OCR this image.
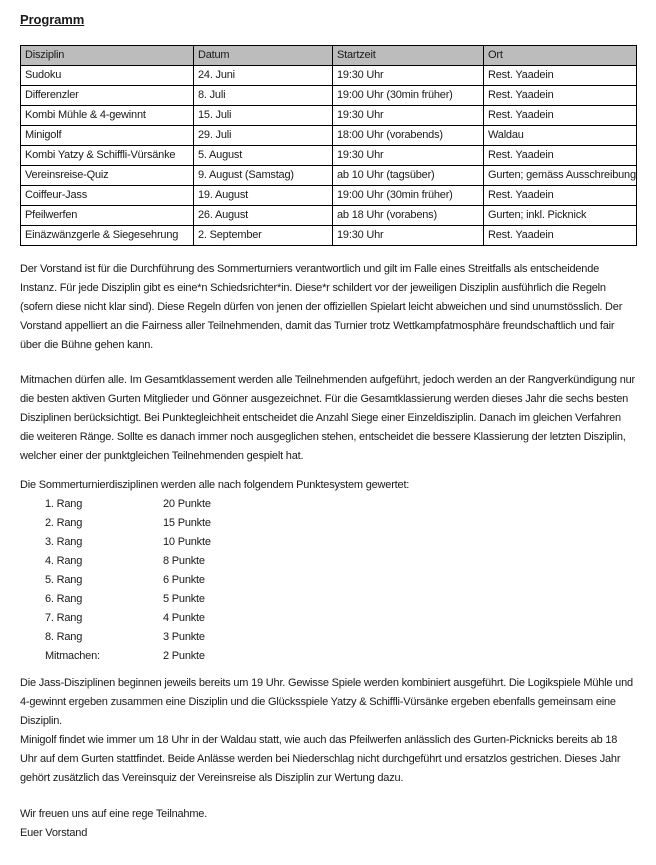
Programm
Disziplin	Datum	Startzeit	Ort
Sudoku	24. Juni	19:30 Uhr	Rest. Yaadein
Differenzler	8. Juli	19:00 Uhr (30min früher)	Rest. Yaadein
Kombi Mühle & 4-gewinnt	15. Juli	19:30 Uhr	Rest. Yaadein
Minigolf	29. Juli	18:00 Uhr (vorabends)	Waldau
Kombi Yatzy & Schiffli-Vürsänke	5. August	19:30 Uhr	Rest. Yaadein
Vereinsreise-Quiz	9. August (Samstag)	ab 10 Uhr (tagsüber)	Gurten; gemäss Ausschreibung
Coiffeur-Jass	19. August	19:00 Uhr (30min früher)	Rest. Yaadein
Pfeilwerfen	26. August	ab 18 Uhr (vorabens)	Gurten; inkl. Picknick
Einäzwänzgerle & Siegesehrung	2. September	19:30 Uhr	Rest. Yaadein

Der Vorstand ist für die Durchführung des Sommerturniers verantwortlich und gilt im Falle eines Streitfalls als entscheidende Instanz. Für jede Disziplin gibt es eine*n Schiedsrichter*in. Diese*r schildert vor der jeweiligen Disziplin ausführlich die Regeln (sofern diese nicht klar sind). Diese Regeln dürfen von jenen der offiziellen Spielart leicht abweichen und sind unumstösslich. Der Vorstand appelliert an die Fairness aller Teilnehmenden, damit das Turnier trotz Wettkampfatmosphäre freundschaftlich und fair über die Bühne gehen kann.

Mitmachen dürfen alle. Im Gesamtklassement werden alle Teilnehmenden aufgeführt, jedoch werden an der Rangverkündigung nur die besten aktiven Gurten Mitglieder und Gönner ausgezeichnet. Für die Gesamtklassierung werden dieses Jahr die sechs besten Disziplinen berücksichtigt. Bei Punktegleichheit entscheidet die Anzahl Siege einer Einzeldisziplin. Danach im gleichen Verfahren die weiteren Ränge. Sollte es danach immer noch ausgeglichen stehen, entscheidet die bessere Klassierung der letzten Disziplin, welcher einer der punktgleichen Teilnehmenden gespielt hat.

Die Sommerturnierdisziplinen werden alle nach folgendem Punktesystem gewertet:

1. Rang	20 Punkte
2. Rang	15 Punkte
3. Rang	10 Punkte
4. Rang	8 Punkte
5. Rang	6 Punkte
6. Rang	5 Punkte
7. Rang	4 Punkte
8. Rang	3 Punkte
Mitmachen:	2 Punkte

Die Jass-Disziplinen beginnen jeweils bereits um 19 Uhr. Gewisse Spiele werden kombiniert ausgeführt. Die Logikspiele Mühle und 4-gewinnt ergeben zusammen eine Disziplin und die Glücksspiele Yatzy & Schiffli-Vürsänke ergeben ebenfalls gemeinsam eine Disziplin.

Minigolf findet wie immer um 18 Uhr in der Waldau statt, wie auch das Pfeilwerfen anlässlich des Gurten-Picknicks bereits ab 18 Uhr auf dem Gurten stattfindet. Beide Anlässe werden bei Niederschlag nicht durchgeführt und ersatzlos gestrichen. Dieses Jahr gehört zusätzlich das Vereinsquiz der Vereinsreise als Disziplin zur Wertung dazu.

Wir freuen uns auf eine rege Teilnahme.

Euer Vorstand
